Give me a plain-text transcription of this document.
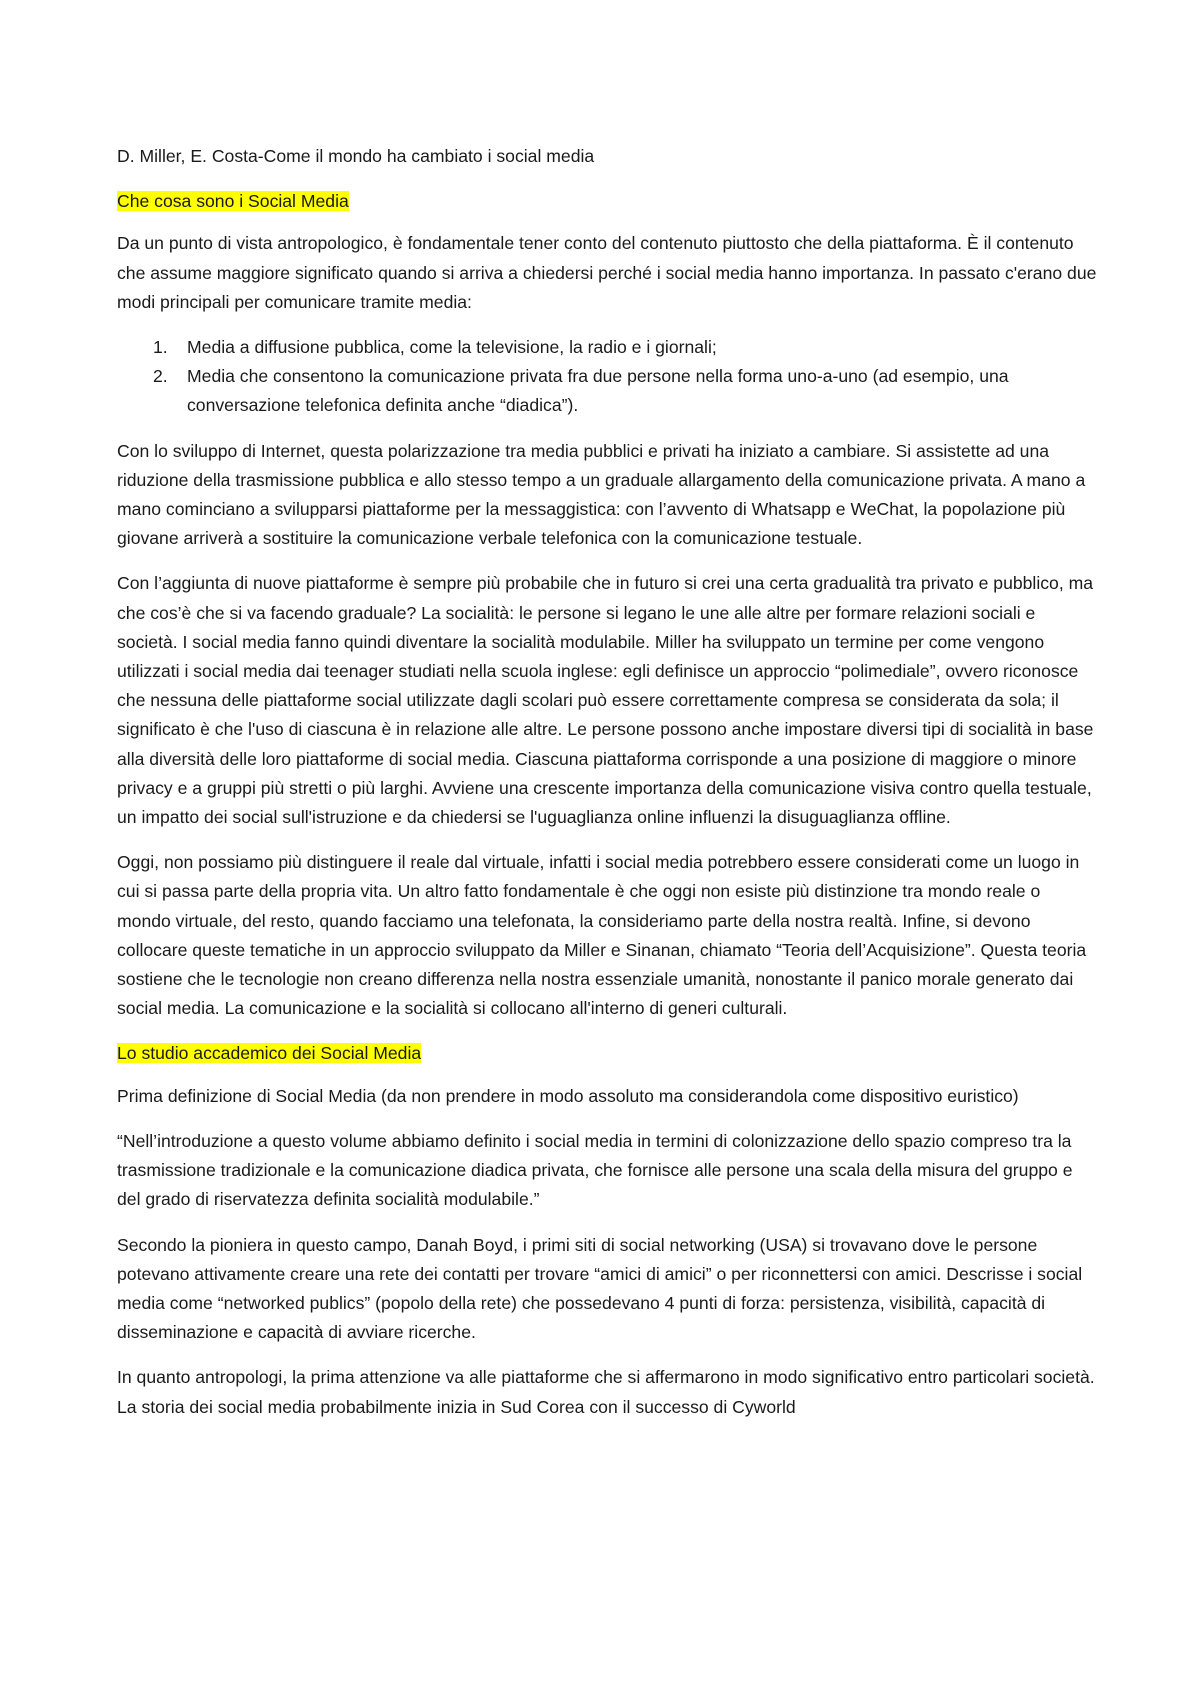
D. Miller, E. Costa-Come il mondo ha cambiato i social media

Che cosa sono i Social Media

Da un punto di vista antropologico, è fondamentale tener conto del contenuto piuttosto che della piattaforma. È il contenuto che assume maggiore significato quando si arriva a chiedersi perché i social media hanno importanza. In passato c'erano due modi principali per comunicare tramite media:

1. Media a diffusione pubblica, come la televisione, la radio e i giornali;
2. Media che consentono la comunicazione privata fra due persone nella forma uno-a-uno (ad esempio, una conversazione telefonica definita anche “diadica”).

Con lo sviluppo di Internet, questa polarizzazione tra media pubblici e privati ha iniziato a cambiare. Si assistette ad una riduzione della trasmissione pubblica e allo stesso tempo a un graduale allargamento della comunicazione privata. A mano a mano cominciano a svilupparsi piattaforme per la messaggistica: con l’avvento di Whatsapp e WeChat, la popolazione più giovane arriverà a sostituire la comunicazione verbale telefonica con la comunicazione testuale.

Con l’aggiunta di nuove piattaforme è sempre più probabile che in futuro si crei una certa gradualità tra privato e pubblico, ma che cos’è che si va facendo graduale? La socialità: le persone si legano le une alle altre per formare relazioni sociali e società. I social media fanno quindi diventare la socialità modulabile. Miller ha sviluppato un termine per come vengono utilizzati i social media dai teenager studiati nella scuola inglese: egli definisce un approccio “polimediale”, ovvero riconosce che nessuna delle piattaforme social utilizzate dagli scolari può essere correttamente compresa se considerata da sola; il significato è che l'uso di ciascuna è in relazione alle altre. Le persone possono anche impostare diversi tipi di socialità in base alla diversità delle loro piattaforme di social media. Ciascuna piattaforma corrisponde a una posizione di maggiore o minore privacy e a gruppi più stretti o più larghi. Avviene una crescente importanza della comunicazione visiva contro quella testuale, un impatto dei social sull'istruzione e da chiedersi se l'uguaglianza online influenzi la disuguaglianza offline.

Oggi, non possiamo più distinguere il reale dal virtuale, infatti i social media potrebbero essere considerati come un luogo in cui si passa parte della propria vita. Un altro fatto fondamentale è che oggi non esiste più distinzione tra mondo reale o mondo virtuale, del resto, quando facciamo una telefonata, la consideriamo parte della nostra realtà. Infine, si devono collocare queste tematiche in un approccio sviluppato da Miller e Sinanan, chiamato “Teoria dell’Acquisizione”. Questa teoria sostiene che le tecnologie non creano differenza nella nostra essenziale umanità, nonostante il panico morale generato dai social media. La comunicazione e la socialità si collocano all'interno di generi culturali.

Lo studio accademico dei Social Media

Prima definizione di Social Media (da non prendere in modo assoluto ma considerandola come dispositivo euristico)

“Nell’introduzione a questo volume abbiamo definito i social media in termini di colonizzazione dello spazio compreso tra la trasmissione tradizionale e la comunicazione diadica privata, che fornisce alle persone una scala della misura del gruppo e del grado di riservatezza definita socialità modulabile.”

Secondo la pioniera in questo campo, Danah Boyd, i primi siti di social networking (USA) si trovavano dove le persone potevano attivamente creare una rete dei contatti per trovare “amici di amici” o per riconnettersi con amici. Descrisse i social media come “networked publics” (popolo della rete) che possedevano 4 punti di forza: persistenza, visibilità, capacità di disseminazione e capacità di avviare ricerche.

In quanto antropologi, la prima attenzione va alle piattaforme che si affermarono in modo significativo entro particolari società. La storia dei social media probabilmente inizia in Sud Corea con il successo di Cyworld
